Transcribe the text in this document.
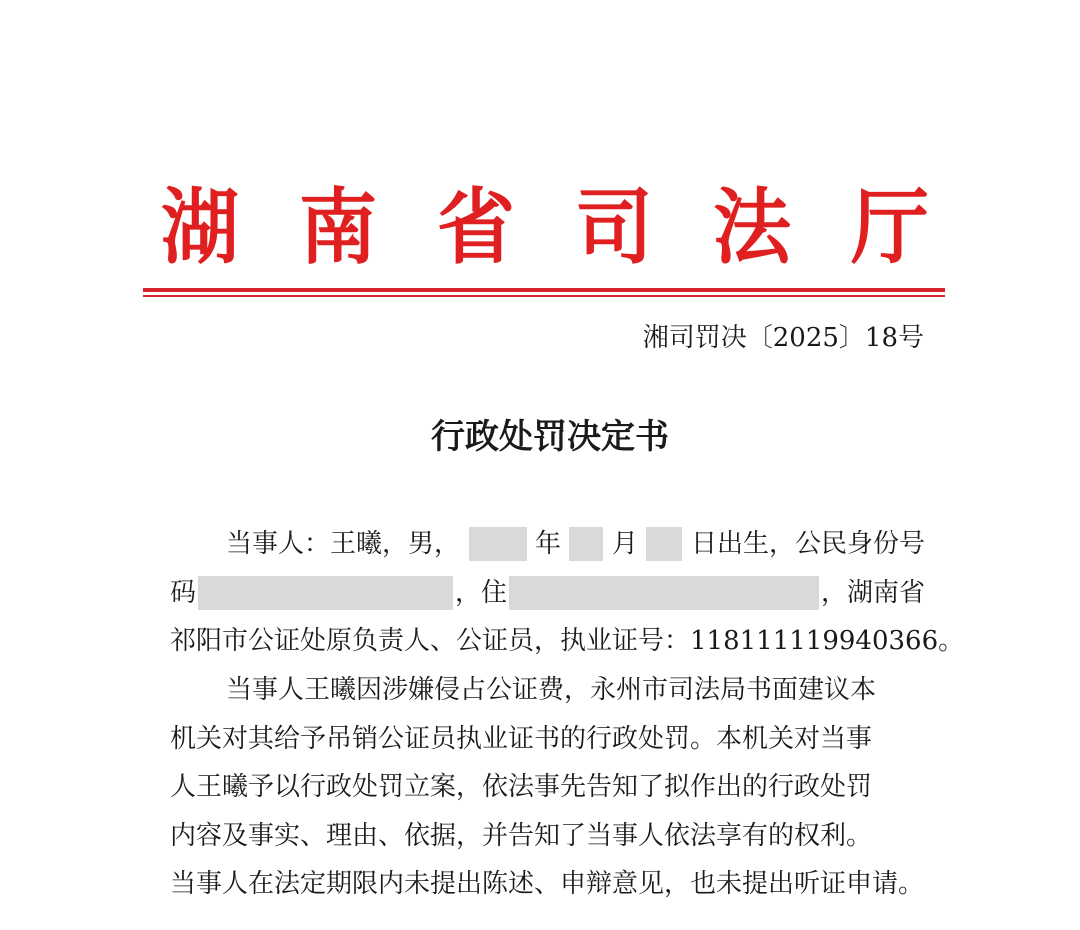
湖 南 省 司 法 厅
湘司罚决〔2025〕18号
行政处罚决定书
当事人：王曦，男，	年 月 日出生，公民身份号
码	，住	，湖南省
祁阳市公证处原负责人、公证员，执业证号：118111119940366。
当事人王曦因涉嫌侵占公证费，永州市司法局书面建议本
机关对其给予吊销公证员执业证书的行政处罚。本机关对当事
人王曦予以行政处罚立案，依法事先告知了拟作出的行政处罚
内容及事实、理由、依据，并告知了当事人依法享有的权利。
当事人在法定期限内未提出陈述、申辩意见，也未提出听证申请。
